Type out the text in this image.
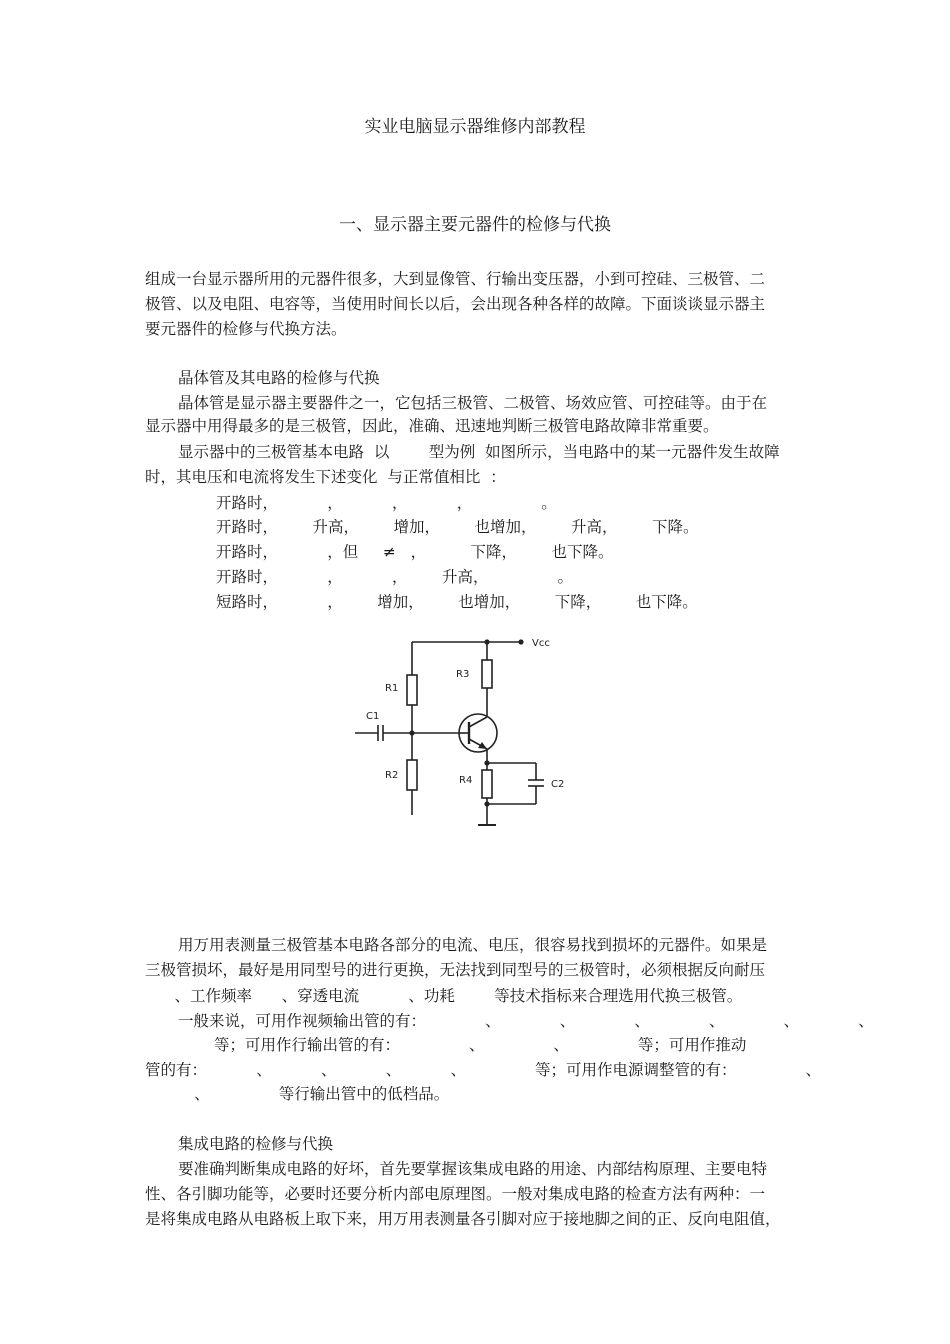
实业电脑显示器维修内部教程
一、显示器主要元器件的检修与代换
组成一台显示器所用的元器件很多，大到显像管、行输出变压器，小到可控硅、三极管、二
极管、以及电阻、电容等，当使用时间长以后，会出现各种各样的故障。下面谈谈显示器主
要元器件的检修与代换方法。
晶体管及其电路的检修与代换
晶体管是显示器主要器件之一，它包括三极管、二极管、场效应管、可控硅等。由于在
显示器中用得最多的是三极管，因此，准确、迅速地判断三极管电路故障非常重要。
显示器中的三极管基本电路  以        型为例  如图所示，当电路中的某一元器件发生故障
时，其电压和电流将发生下述变化  与正常值相比  ：
开路时，          ，          ，          ，              。
开路时，       升高，       增加，       也增加，       升高，       下降。
开路时，          ，但     ≠   ，         下降，       也下降。
开路时，          ，          ，       升高，              。
短路时，          ，       增加，       也增加，       下降，       也下降。
Vcc
R1
C1
R2
R3
R4	C2
用万用表测量三极管基本电路各部分的电流、电压，很容易找到损坏的元器件。如果是
三极管损坏，最好是用同型号的进行更换，无法找到同型号的三极管时，必须根据反向耐压
、工作频率      、穿透电流          、功耗        等技术指标来合理选用代换三极管。
一般来说，可用作视频输出管的有：            、            、            、            、            、            、
等；可用作行输出管的有：              、              、              等；可用作推动
管的有：          、          、          、          、              等；可用作电源调整管的有：              、
、              等行输出管中的低档品。
集成电路的检修与代换
要准确判断集成电路的好坏，首先要掌握该集成电路的用途、内部结构原理、主要电特
性、各引脚功能等，必要时还要分析内部电原理图。一般对集成电路的检查方法有两种：一
是将集成电路从电路板上取下来，用万用表测量各引脚对应于接地脚之间的正、反向电阻值，
